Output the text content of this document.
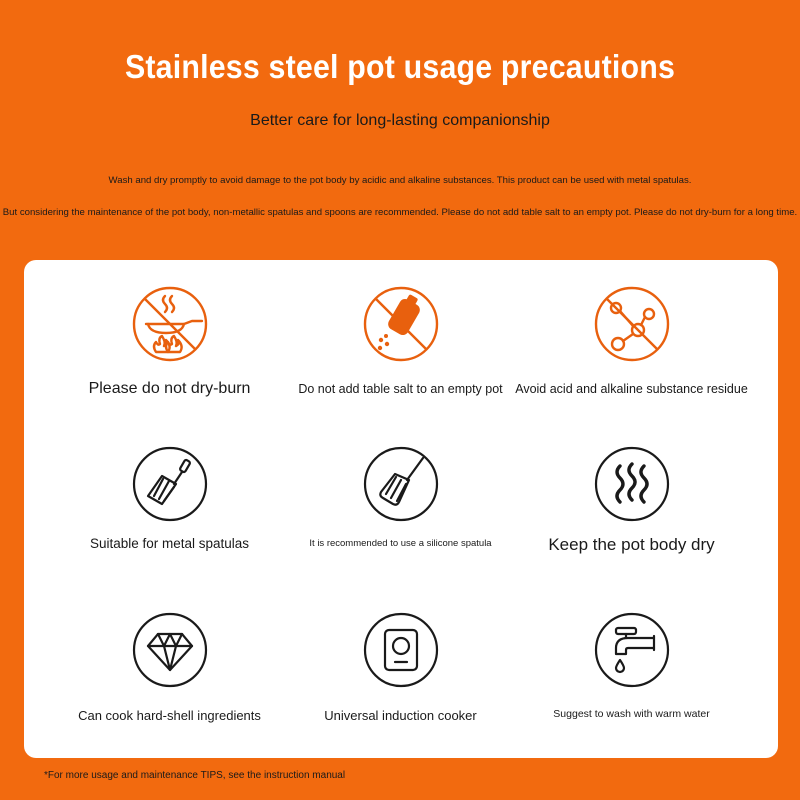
Stainless steel pot usage precautions
Better care for long-lasting companionship
Wash and dry promptly to avoid damage to the pot body by acidic and alkaline substances. This product can be used with metal spatulas.
But considering the maintenance of the pot body, non-metallic spatulas and spoons are recommended. Please do not add table salt to an empty pot. Please do not dry-burn for a long time.
Please do not dry-burn	Do not add table salt to an empty pot	Avoid acid and alkaline substance residue
Suitable for metal spatulas	It is recommended to use a silicone spatula	Keep the pot body dry
Can cook hard-shell ingredients	Universal induction cooker	Suggest to wash with warm water
*For more usage and maintenance TIPS, see the instruction manual
